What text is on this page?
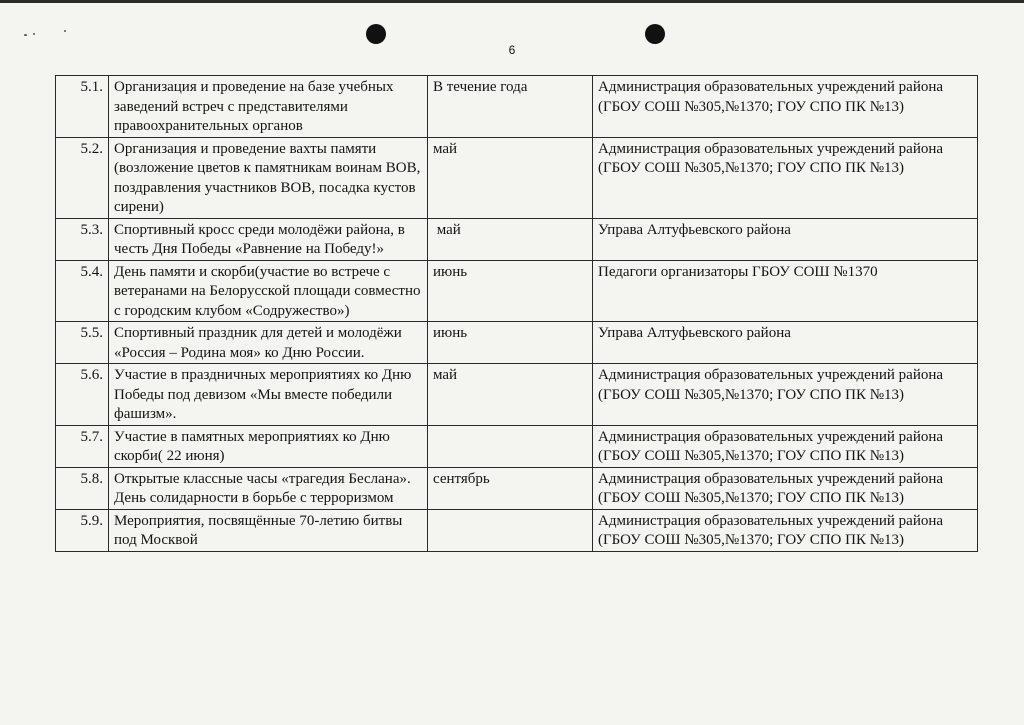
6
5.1.	Организация и проведение на базе учебных заведений встреч с представителями правоохранительных органов	В течение года	Администрация образовательных учреждений района (ГБОУ СОШ №305,№1370; ГОУ СПО ПК №13)
5.2.	Организация и проведение вахты памяти (возложение цветов к памятникам воинам ВОВ, поздравления участников ВОВ, посадка кустов сирени)	май	Администрация образовательных учреждений района (ГБОУ СОШ №305,№1370; ГОУ СПО ПК №13)
5.3.	Спортивный кросс среди молодёжи района, в честь Дня Победы «Равнение на Победу!»	май	Управа Алтуфьевского района
5.4.	День памяти и скорби(участие во встрече с ветеранами на Белорусской площади совместно с городским клубом «Содружество»)	июнь	Педагоги организаторы ГБОУ СОШ №1370
5.5.	Спортивный праздник для детей и молодёжи «Россия – Родина моя» ко Дню России.	июнь	Управа Алтуфьевского района
5.6.	Участие в праздничных мероприятиях ко Дню Победы под девизом «Мы вместе победили фашизм».	май	Администрация образовательных учреждений района (ГБОУ СОШ №305,№1370; ГОУ СПО ПК №13)
5.7.	Участие в памятных мероприятиях ко Дню скорби( 22 июня)		Администрация образовательных учреждений района (ГБОУ СОШ №305,№1370; ГОУ СПО ПК №13)
5.8.	Открытые классные часы «трагедия Беслана». День солидарности в борьбе с терроризмом	сентябрь	Администрация образовательных учреждений района (ГБОУ СОШ №305,№1370; ГОУ СПО ПК №13)
5.9.	Мероприятия, посвящённые 70-летию битвы под Москвой		Администрация образовательных учреждений района (ГБОУ СОШ №305,№1370; ГОУ СПО ПК №13)
